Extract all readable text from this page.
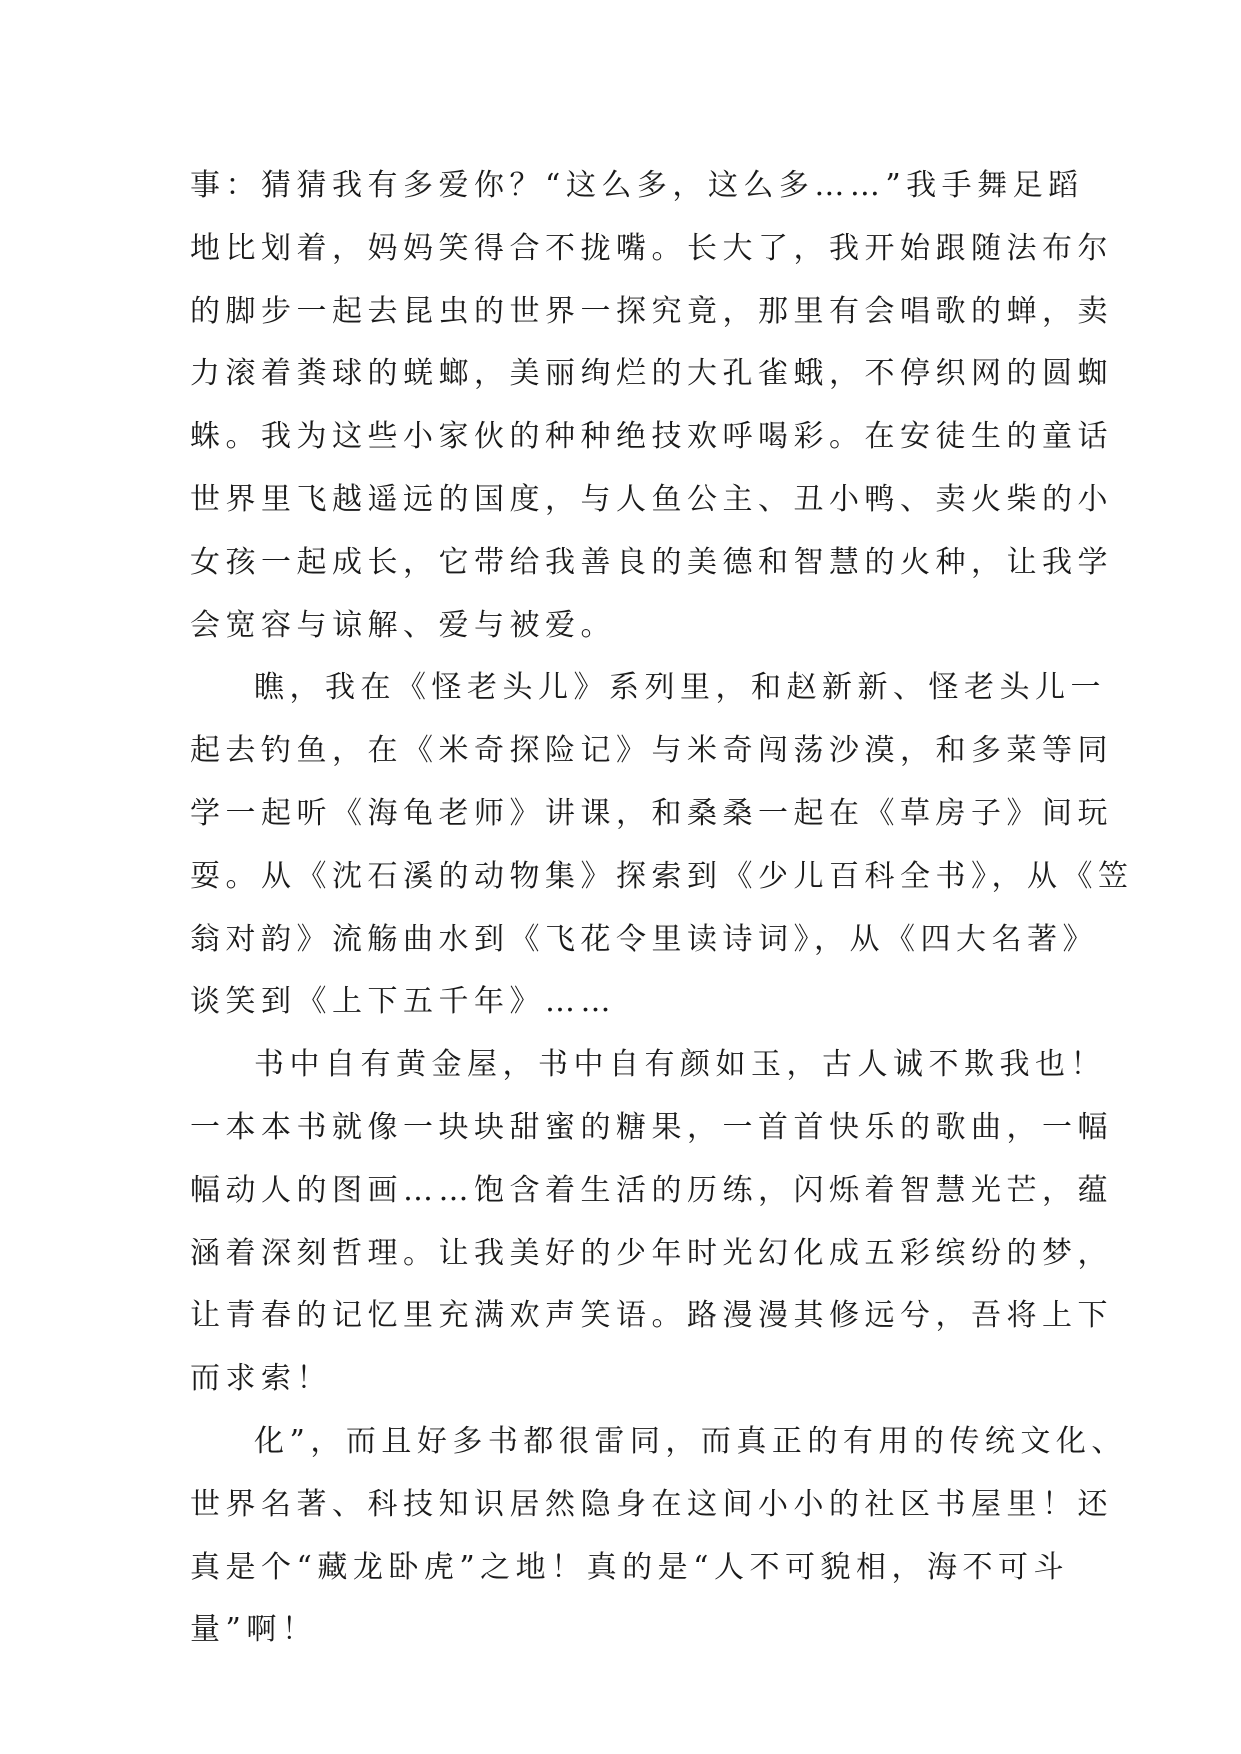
事：猜猜我有多爱你？“这么多，这么多……”我手舞足蹈
地比划着，妈妈笑得合不拢嘴。长大了，我开始跟随法布尔
的脚步一起去昆虫的世界一探究竟，那里有会唱歌的蝉，卖
力滚着粪球的蜣螂，美丽绚烂的大孔雀蛾，不停织网的圆蜘
蛛。我为这些小家伙的种种绝技欢呼喝彩。在安徒生的童话
世界里飞越遥远的国度，与人鱼公主、丑小鸭、卖火柴的小
女孩一起成长，它带给我善良的美德和智慧的火种，让我学
会宽容与谅解、爱与被爱。
瞧，我在《怪老头儿》系列里，和赵新新、怪老头儿一
起去钓鱼，在《米奇探险记》与米奇闯荡沙漠，和多菜等同
学一起听《海龟老师》讲课，和桑桑一起在《草房子》间玩
耍。从《沈石溪的动物集》探索到《少儿百科全书》，从《笠
翁对韵》流觞曲水到《飞花令里读诗词》，从《四大名著》
谈笑到《上下五千年》……
书中自有黄金屋，书中自有颜如玉，古人诚不欺我也！
一本本书就像一块块甜蜜的糖果，一首首快乐的歌曲，一幅
幅动人的图画……饱含着生活的历练，闪烁着智慧光芒，蕴
涵着深刻哲理。让我美好的少年时光幻化成五彩缤纷的梦，
让青春的记忆里充满欢声笑语。路漫漫其修远兮，吾将上下
而求索！
化”，而且好多书都很雷同，而真正的有用的传统文化、
世界名著、科技知识居然隐身在这间小小的社区书屋里！还
真是个“藏龙卧虎”之地！真的是“人不可貌相，海不可斗
量”啊！
